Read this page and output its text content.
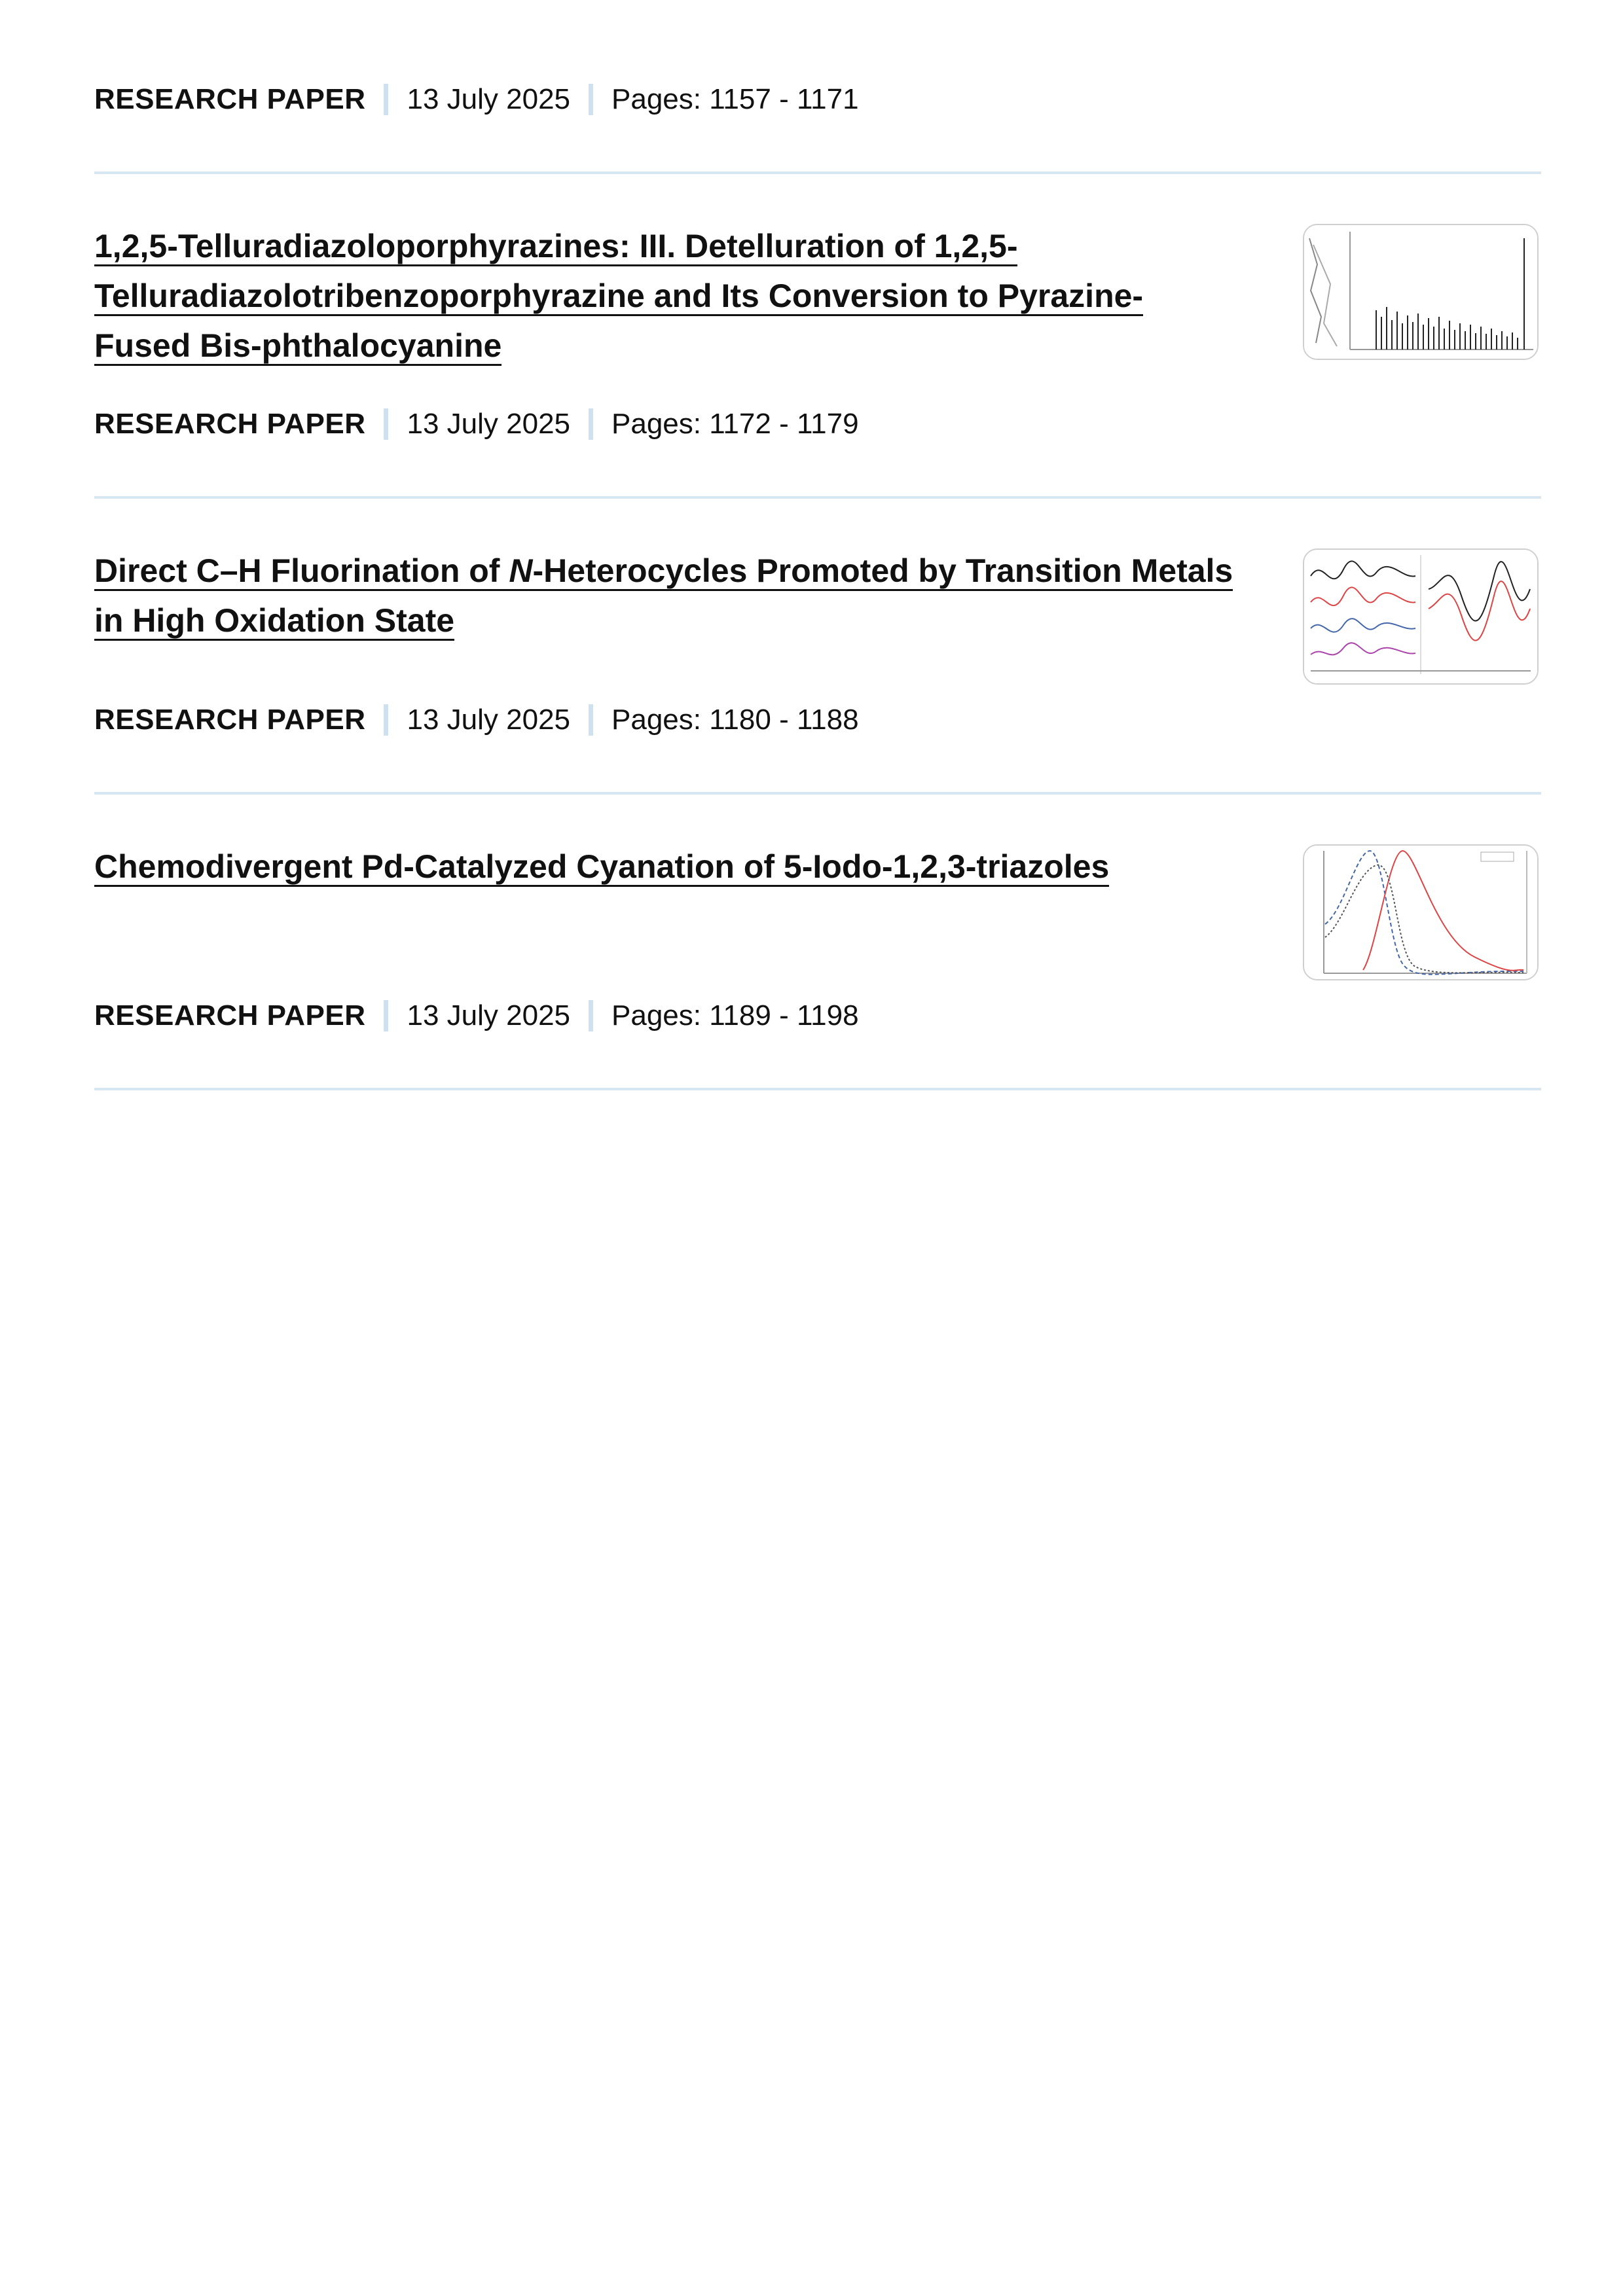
RESEARCH PAPER 13 July 2025 Pages: 1157 - 1171
1,2,5-Telluradiazoloporphyrazines: III. Detelluration of 1,2,5-
Telluradiazolotribenzoporphyrazine and Its Conversion to Pyrazine-
Fused Bis-phthalocyanine
RESEARCH PAPER 13 July 2025 Pages: 1172 - 1179
Direct C–H Fluorination of N-Heterocycles Promoted by Transition Metals in High Oxidation State
RESEARCH PAPER 13 July 2025 Pages: 1180 - 1188
Chemodivergent Pd-Catalyzed Cyanation of 5-Iodo-1,2,3-triazoles
RESEARCH PAPER 13 July 2025 Pages: 1189 - 1198
